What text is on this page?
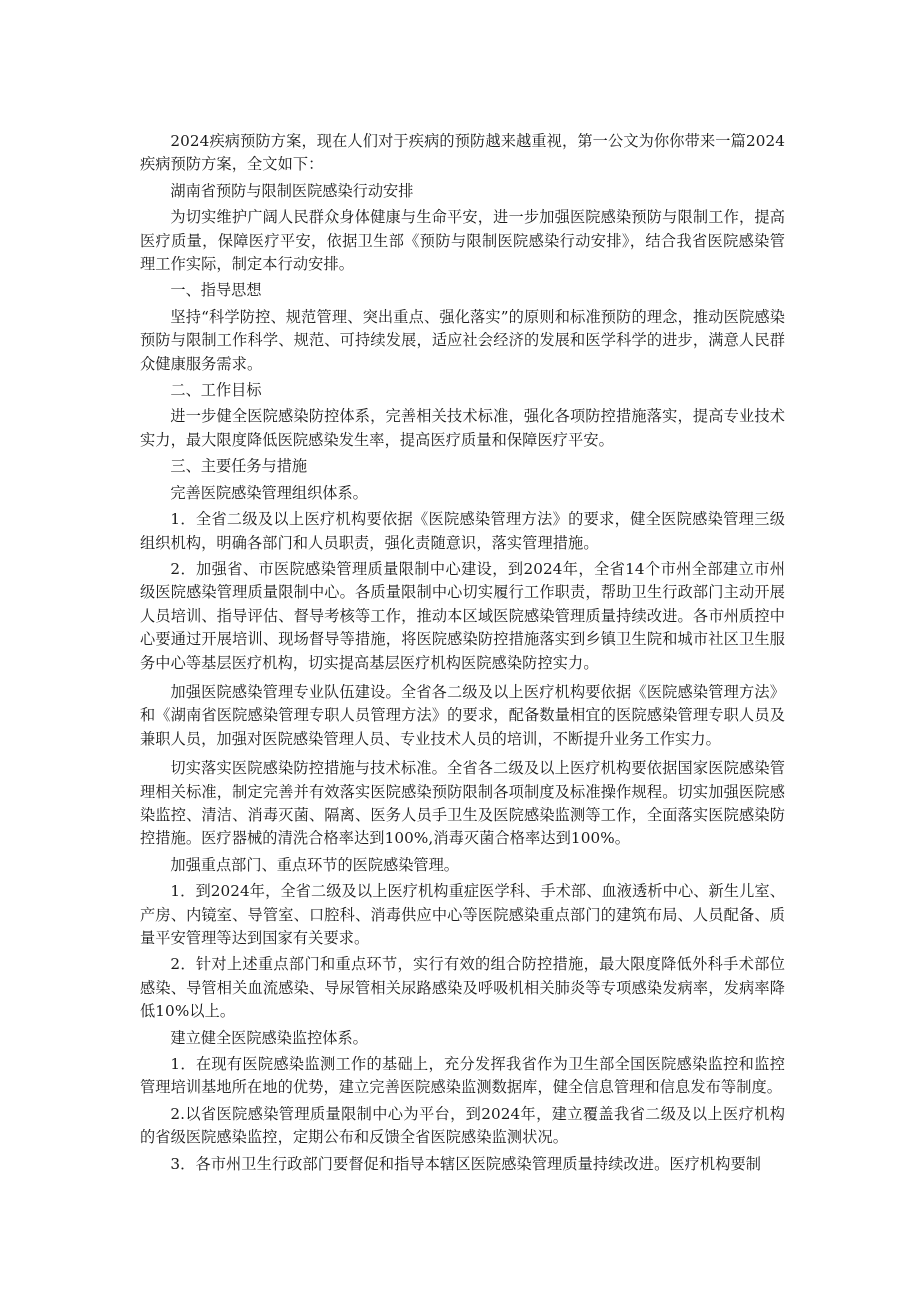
2024疾病预防方案，现在人们对于疾病的预防越来越重视，第一公文为你你带来一篇2024疾病预防方案，全文如下：

湖南省预防与限制医院感染行动安排

为切实维护广阔人民群众身体健康与生命平安，进一步加强医院感染预防与限制工作，提高医疗质量，保障医疗平安，依据卫生部《预防与限制医院感染行动安排》，结合我省医院感染管理工作实际，制定本行动安排。

一、指导思想

坚持“科学防控、规范管理、突出重点、强化落实”的原则和标准预防的理念，推动医院感染预防与限制工作科学、规范、可持续发展，适应社会经济的发展和医学科学的进步，满意人民群众健康服务需求。

二、工作目标

进一步健全医院感染防控体系，完善相关技术标准，强化各项防控措施落实，提高专业技术实力，最大限度降低医院感染发生率，提高医疗质量和保障医疗平安。

三、主要任务与措施

完善医院感染管理组织体系。

1．全省二级及以上医疗机构要依据《医院感染管理方法》的要求，健全医院感染管理三级组织机构，明确各部门和人员职责，强化责随意识，落实管理措施。

2．加强省、市医院感染管理质量限制中心建设，到2024年，全省14个市州全部建立市州级医院感染管理质量限制中心。各质量限制中心切实履行工作职责，帮助卫生行政部门主动开展人员培训、指导评估、督导考核等工作，推动本区域医院感染管理质量持续改进。各市州质控中心要通过开展培训、现场督导等措施，将医院感染防控措施落实到乡镇卫生院和城市社区卫生服务中心等基层医疗机构，切实提高基层医疗机构医院感染防控实力。

加强医院感染管理专业队伍建设。全省各二级及以上医疗机构要依据《医院感染管理方法》和《湖南省医院感染管理专职人员管理方法》的要求，配备数量相宜的医院感染管理专职人员及兼职人员，加强对医院感染管理人员、专业技术人员的培训，不断提升业务工作实力。

切实落实医院感染防控措施与技术标准。全省各二级及以上医疗机构要依据国家医院感染管理相关标准，制定完善并有效落实医院感染预防限制各项制度及标准操作规程。切实加强医院感染监控、清洁、消毒灭菌、隔离、医务人员手卫生及医院感染监测等工作，全面落实医院感染防控措施。医疗器械的清洗合格率达到100%,消毒灭菌合格率达到100%。

加强重点部门、重点环节的医院感染管理。

1．到2024年，全省二级及以上医疗机构重症医学科、手术部、血液透析中心、新生儿室、产房、内镜室、导管室、口腔科、消毒供应中心等医院感染重点部门的建筑布局、人员配备、质量平安管理等达到国家有关要求。

2．针对上述重点部门和重点环节，实行有效的组合防控措施，最大限度降低外科手术部位感染、导管相关血流感染、导尿管相关尿路感染及呼吸机相关肺炎等专项感染发病率，发病率降低10%以上。

建立健全医院感染监控体系。

1．在现有医院感染监测工作的基础上，充分发挥我省作为卫生部全国医院感染监控和监控管理培训基地所在地的优势，建立完善医院感染监测数据库，健全信息管理和信息发布等制度。

2.以省医院感染管理质量限制中心为平台，到2024年，建立覆盖我省二级及以上医疗机构的省级医院感染监控，定期公布和反馈全省医院感染监测状况。

3．各市州卫生行政部门要督促和指导本辖区医院感染管理质量持续改进。医疗机构要制
